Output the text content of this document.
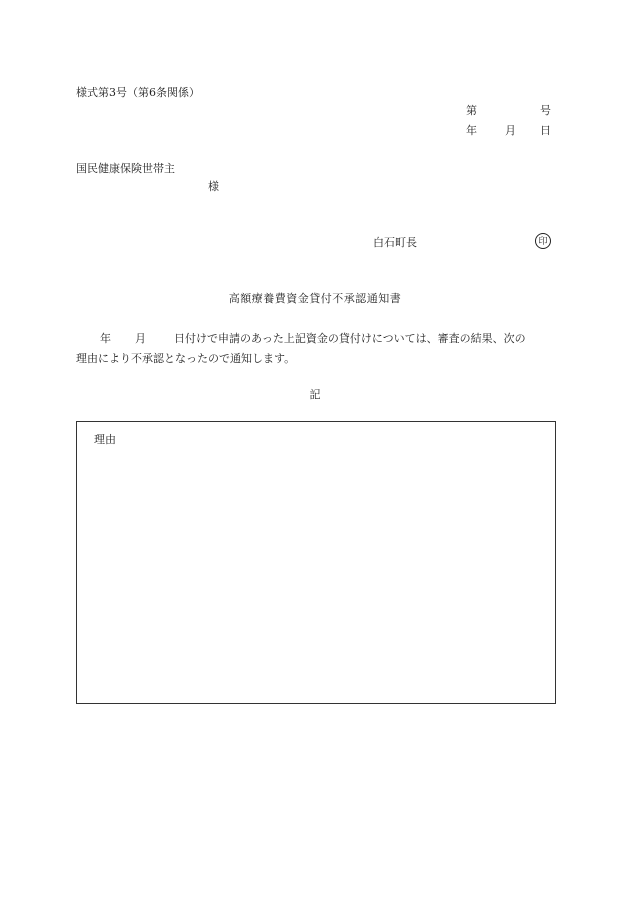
様式第3号（第6条関係）
第	号
年	月 日
国民健康保険世帯主
様
白石町長	印
高額療養費資金貸付不承認通知書
年 月	日付けで申請のあった上記資金の貸付けについては、審査の結果、次の
理由により不承認となったので通知します。
記
理由
